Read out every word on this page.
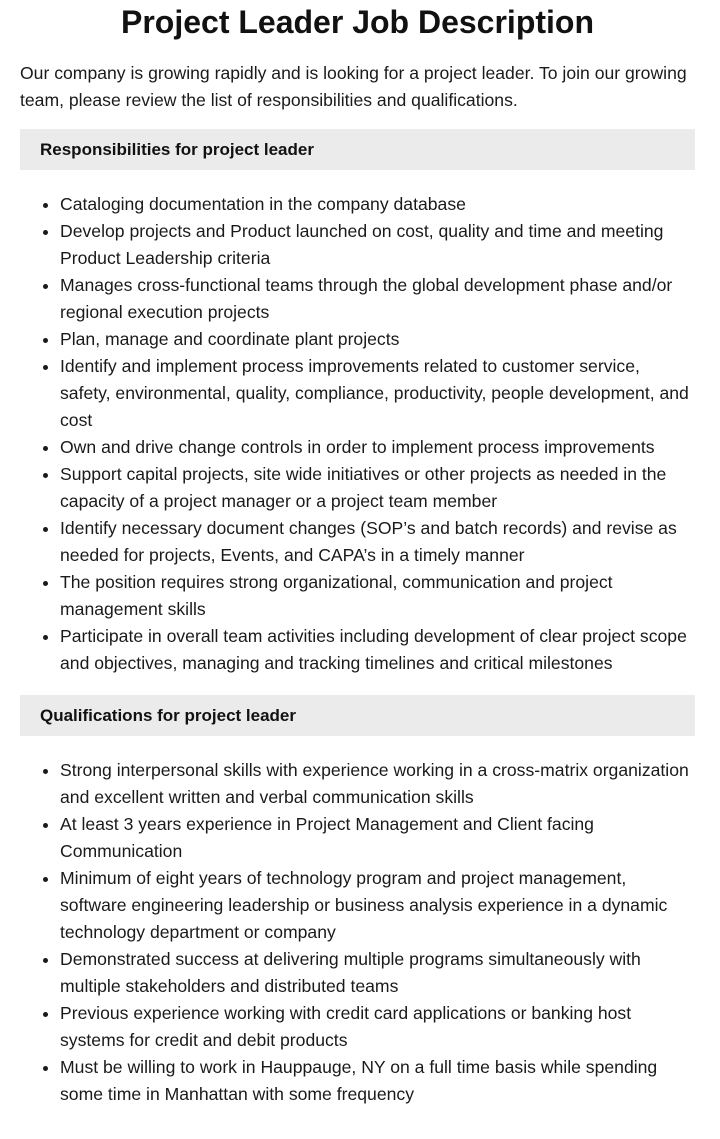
Project Leader Job Description

Our company is growing rapidly and is looking for a project leader. To join our growing team, please review the list of responsibilities and qualifications.

Responsibilities for project leader
• Cataloging documentation in the company database
• Develop projects and Product launched on cost, quality and time and meeting Product Leadership criteria
• Manages cross-functional teams through the global development phase and/or regional execution projects
• Plan, manage and coordinate plant projects
• Identify and implement process improvements related to customer service, safety, environmental, quality, compliance, productivity, people development, and cost
• Own and drive change controls in order to implement process improvements
• Support capital projects, site wide initiatives or other projects as needed in the capacity of a project manager or a project team member
• Identify necessary document changes (SOP’s and batch records) and revise as needed for projects, Events, and CAPA’s in a timely manner
• The position requires strong organizational, communication and project management skills
• Participate in overall team activities including development of clear project scope and objectives, managing and tracking timelines and critical milestones
Qualifications for project leader
• Strong interpersonal skills with experience working in a cross-matrix organization and excellent written and verbal communication skills
• At least 3 years experience in Project Management and Client facing Communication
• Minimum of eight years of technology program and project management, software engineering leadership or business analysis experience in a dynamic technology department or company
• Demonstrated success at delivering multiple programs simultaneously with multiple stakeholders and distributed teams
• Previous experience working with credit card applications or banking host systems for credit and debit products
• Must be willing to work in Hauppauge, NY on a full time basis while spending some time in Manhattan with some frequency
